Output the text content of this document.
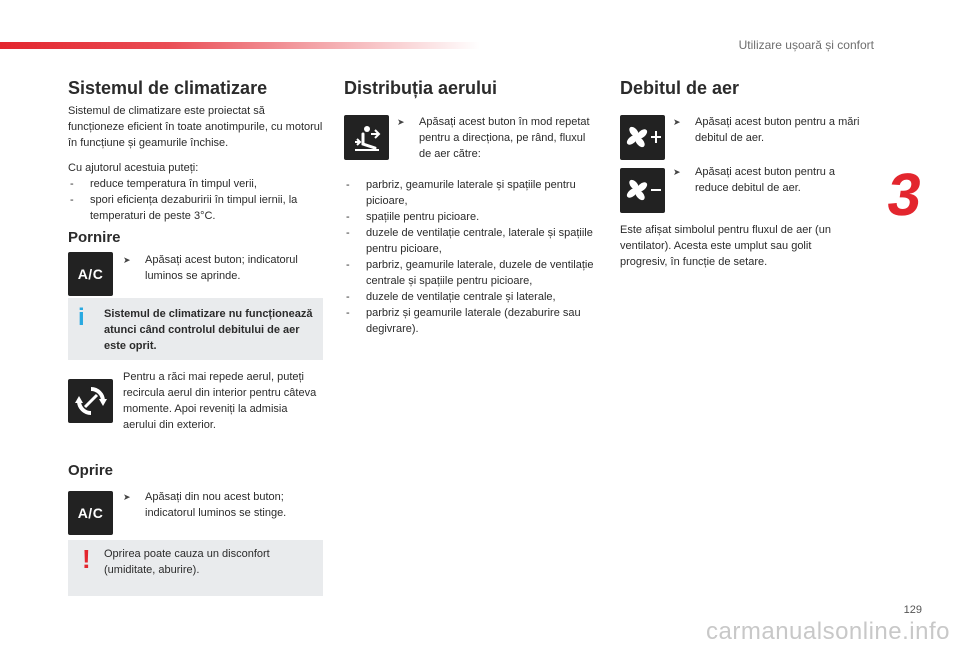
Utilizare ușoară și confort
3
Sistemul de climatizare

Sistemul de climatizare este proiectat să funcționeze eficient în toate anotimpurile, cu motorul în funcțiune și geamurile închise.

Cu ajutorul acestuia puteți:

- reduce temperatura în timpul verii,
- spori eficiența dezaburirii în timpul iernii, la temperaturi de peste 3°C.
Pornire
A/C
➤	Apăsați acest buton; indicatorul luminos se aprinde.
i Sistemul de climatizare nu funcționează atunci când controlul debitului de aer este oprit.

Pentru a răci mai repede aerul, puteți recircula aerul din interior pentru câteva momente. Apoi reveniți la admisia aerului din exterior.

Oprire
A/C
➤	Apăsați din nou acest buton; indicatorul luminos se stinge.
! Oprirea poate cauza un disconfort (umiditate, aburire).
Distribuția aerului
➤	Apăsați acest buton în mod repetat pentru a direcționa, pe rând, fluxul de aer către:
- parbriz, geamurile laterale și spațiile pentru picioare,
- spațiile pentru picioare.
- duzele de ventilație centrale, laterale și spațiile pentru picioare,
- parbriz, geamurile laterale, duzele de ventilație centrale și spațiile pentru picioare,
- duzele de ventilație centrale și laterale,
- parbriz și geamurile laterale (dezaburire sau degivrare).
Debitul de aer
➤	Apăsați acest buton pentru a mări debitul de aer.
➤	Apăsați acest buton pentru a reduce debitul de aer.

Este afișat simbolul pentru fluxul de aer (un ventilator). Acesta este umplut sau golit progresiv, în funcție de setare.

129
carmanualsonline.info
